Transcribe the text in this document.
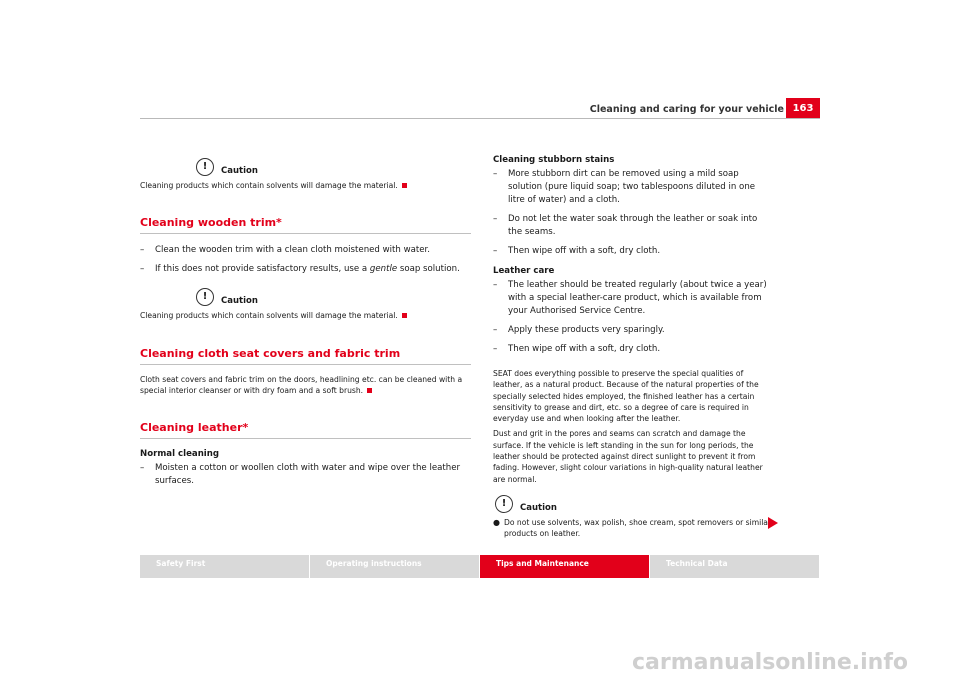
Cleaning and caring for your vehicle 163
!	Caution

Cleaning products which contain solvents will damage the material.

Cleaning wooden trim*
–	Clean the wooden trim with a clean cloth moistened with water.
–	If this does not provide satisfactory results, use a gentle soap solution.
!	Caution

Cleaning products which contain solvents will damage the material.

Cleaning cloth seat covers and fabric trim

Cloth seat covers and fabric trim on the doors, headlining etc. can be cleaned with a special interior cleanser or with dry foam and a soft brush.

Cleaning leather*

Normal cleaning

–	Moisten a cotton or woollen cloth with water and wipe over the leather surfaces.

Cleaning stubborn stains

–	More stubborn dirt can be removed using a mild soap solution (pure liquid soap; two tablespoons diluted in one litre of water) and a cloth.
–	Do not let the water soak through the leather or soak into the seams.
–	Then wipe off with a soft, dry cloth.

Leather care

–	The leather should be treated regularly (about twice a year) with a special leather-care product, which is available from your Authorised Service Centre.
–	Apply these products very sparingly.
–	Then wipe off with a soft, dry cloth.

SEAT does everything possible to preserve the special qualities of leather, as a natural product. Because of the natural properties of the specially selected hides employed, the finished leather has a certain sensitivity to grease and dirt, etc. so a degree of care is required in everyday use and when looking after the leather.

Dust and grit in the pores and seams can scratch and damage the surface. If the vehicle is left standing in the sun for long periods, the leather should be protected against direct sunlight to prevent it from fading. However, slight colour variations in high-quality natural leather are normal.

!	Caution
● Do not use solvents, wax polish, shoe cream, spot removers or similar products on leather.
Safety First	Operating instructions	Tips and Maintenance	Technical Data
carmanualsonline.info
